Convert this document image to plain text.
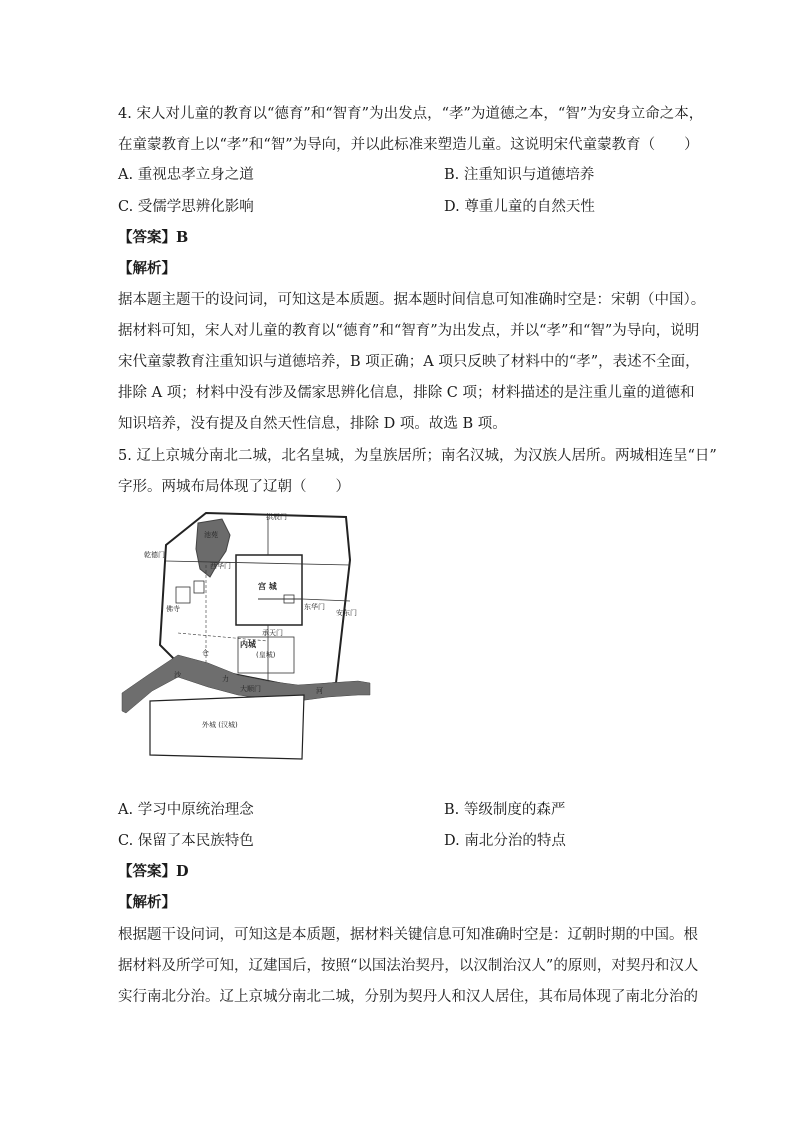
4. 宋人对儿童的教育以“德育”和“智育”为出发点，“孝”为道德之本，“智”为安身立命之本，
在童蒙教育上以“孝”和“智”为导向，并以此标准来塑造儿童。这说明宋代童蒙教育（　　）
A. 重视忠孝立身之道	B. 注重知识与道德培养
C. 受儒学思辨化影响	D. 尊重儿童的自然天性
【答案】B
【解析】
据本题主题干的设问词，可知这是本质题。据本题时间信息可知准确时空是：宋朝（中国）。
据材料可知，宋人对儿童的教育以“德育”和“智育”为出发点，并以“孝”和“智”为导向，说明
宋代童蒙教育注重知识与道德培养，B 项正确；A 项只反映了材料中的“孝”，表述不全面，
排除 A 项；材料中没有涉及儒家思辨化信息，排除 C 项；材料描述的是注重儿童的道德和
知识培养，没有提及自然天性信息，排除 D 项。故选 B 项。
5. 辽上京城分南北二城，北名皇城，为皇族居所；南名汉城，为汉族人居所。两城相连呈“日”
字形。两城布局体现了辽朝（　　）
池苑
宫 城
拱辰门
乾德门
西华门
东华门
安东门
承天门
内城
(皇城)
佛寺
仓
沙	力
河
大顺门
外城 (汉城)
A. 学习中原统治理念	B. 等级制度的森严
C. 保留了本民族特色	D. 南北分治的特点
【答案】D
【解析】
根据题干设问词，可知这是本质题，据材料关键信息可知准确时空是：辽朝时期的中国。根
据材料及所学可知，辽建国后，按照“以国法治契丹，以汉制治汉人”的原则，对契丹和汉人
实行南北分治。辽上京城分南北二城，分别为契丹人和汉人居住，其布局体现了南北分治的
